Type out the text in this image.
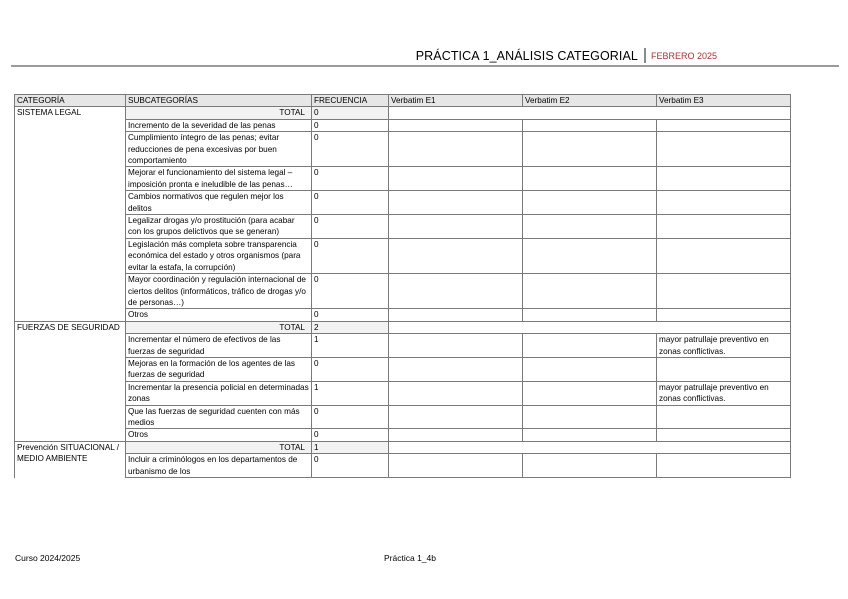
PRÁCTICA 1_ANÁLISIS CATEGORIAL FEBRERO 2025
CATEGORÍA	SUBCATEGORÍAS	FRECUENCIA	Verbatim E1	Verbatim E2	Verbatim E3
SISTEMA LEGAL	TOTAL	0			
	Incremento de la severidad de las penas	0			
	Cumplimiento íntegro de las penas; evitar reducciones de pena excesivas por buen comportamiento	0			
	Mejorar el funcionamiento del sistema legal –imposición pronta e ineludible de las penas…	0			
	Cambios normativos que regulen mejor los delitos	0			
	Legalizar drogas y/o prostitución (para acabar con los grupos delictivos que se generan)	0			
	Legislación más completa sobre transparencia económica del estado y otros organismos (para evitar la estafa, la corrupción)	0			
	Mayor coordinación y regulación internacional de ciertos delitos (informáticos, tráfico de drogas y/o de personas…)	0			
	Otros	0			
FUERZAS DE SEGURIDAD	TOTAL	2			
	Incrementar el número de efectivos de las fuerzas de seguridad	1			mayor patrullaje preventivo en zonas conflictivas.
	Mejoras en la formación de los agentes de las fuerzas de seguridad	0			
	Incrementar la presencia policial en determinadas zonas	1			mayor patrullaje preventivo en zonas conflictivas.
	Que las fuerzas de seguridad cuenten con más medios	0			
	Otros	0			
Prevención SITUACIONAL / MEDIO AMBIENTE	TOTAL	1			
	Incluir a criminólogos en los departamentos de urbanismo de los	0			
Curso 2024/2025	Práctica 1_4b
